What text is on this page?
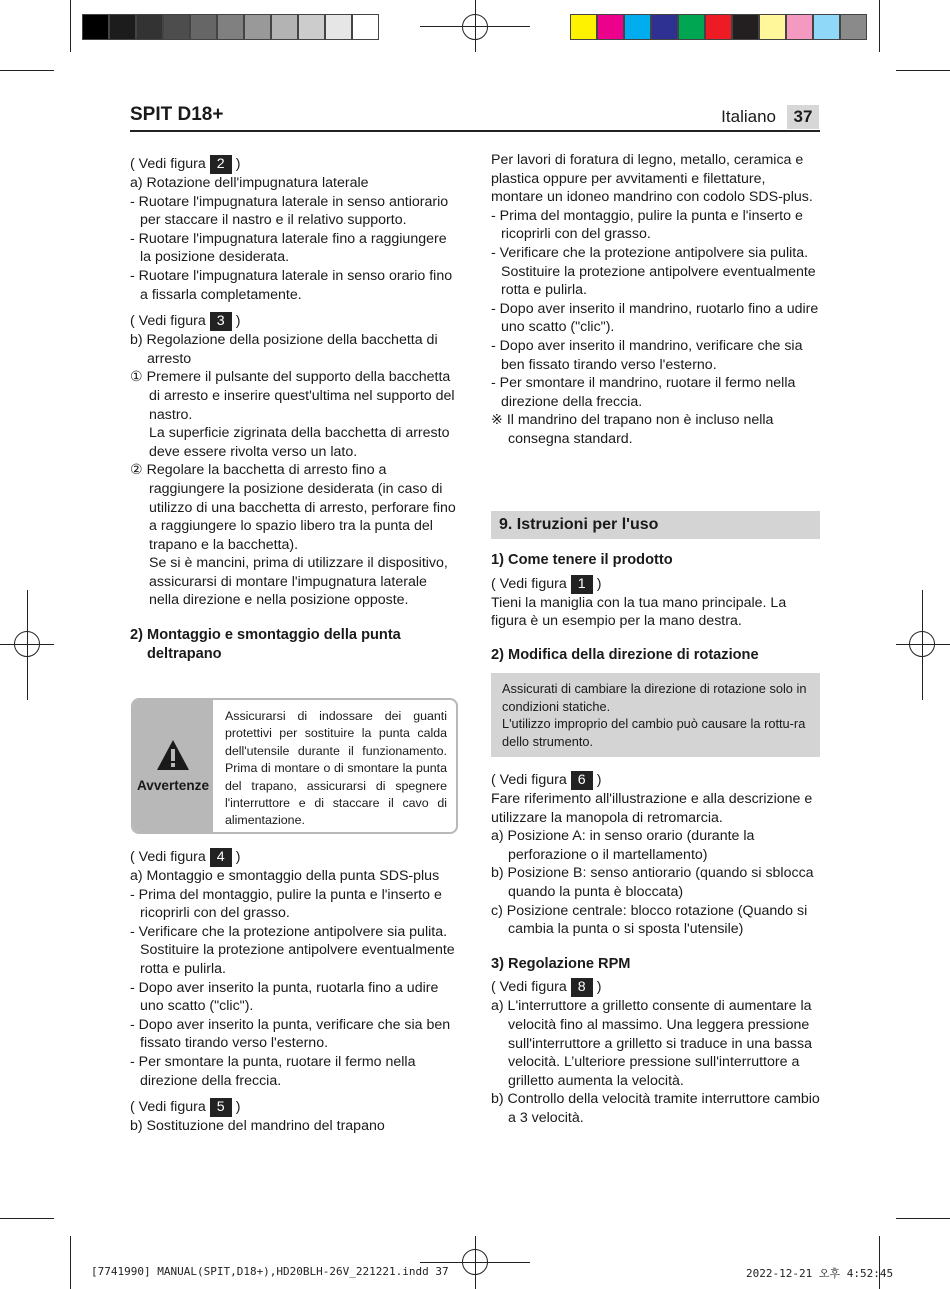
SPIT D18+	Italiano	37

( Vedi figura 2 )

a) Rotazione dell'impugnatura laterale

- Ruotare l'impugnatura laterale in senso antiorario per staccare il nastro e il relativo supporto.

- Ruotare l'impugnatura laterale fino a raggiungere la posizione desiderata.

- Ruotare l'impugnatura laterale in senso orario fino a fissarla completamente.

( Vedi figura 3 )

b) Regolazione della posizione della bacchetta di arresto

① Premere il pulsante del supporto della bacchetta di arresto e inserire quest'ultima nel supporto del nastro.

La superficie zigrinata della bacchetta di arresto deve essere rivolta verso un lato.

② Regolare la bacchetta di arresto fino a raggiungere la posizione desiderata (in caso di utilizzo di una bacchetta di arresto, perforare fino a raggiungere lo spazio libero tra la punta del trapano e la bacchetta).

Se si è mancini, prima di utilizzare il dispositivo, assicurarsi di montare l'impugnatura laterale nella direzione e nella posizione opposte.

2) Montaggio e smontaggio della punta deltrapano

Avvertenze
Assicurarsi di indossare dei guanti protettivi per sostituire la punta calda dell'utensile durante il funzionamento. Prima di montare o di smontare la punta del trapano, assicurarsi di spegnere l'interruttore e di staccare il cavo di alimentazione.

( Vedi figura 4 )

a) Montaggio e smontaggio della punta SDS-plus

- Prima del montaggio, pulire la punta e l'inserto e ricoprirli con del grasso.

- Verificare che la protezione antipolvere sia pulita. Sostituire la protezione antipolvere eventualmente rotta e pulirla.

- Dopo aver inserito la punta, ruotarla fino a udire uno scatto ("clic").

- Dopo aver inserito la punta, verificare che sia ben fissato tirando verso l'esterno.

- Per smontare la punta, ruotare il fermo nella direzione della freccia.

( Vedi figura 5 )

b) Sostituzione del mandrino del trapano

Per lavori di foratura di legno, metallo, ceramica e plastica oppure per avvitamenti e filettature, montare un idoneo mandrino con codolo SDS-plus.

- Prima del montaggio, pulire la punta e l'inserto e ricoprirli con del grasso.

- Verificare che la protezione antipolvere sia pulita. Sostituire la protezione antipolvere eventualmente rotta e pulirla.

- Dopo aver inserito il mandrino, ruotarlo fino a udire uno scatto ("clic").

- Dopo aver inserito il mandrino, verificare che sia ben fissato tirando verso l'esterno.

- Per smontare il mandrino, ruotare il fermo nella direzione della freccia.

※ Il mandrino del trapano non è incluso nella consegna standard.

9. Istruzioni per l'uso

1) Come tenere il prodotto

( Vedi figura 1 )

Tieni la maniglia con la tua mano principale. La figura è un esempio per la mano destra.

2) Modifica della direzione di rotazione

Assicurati di cambiare la direzione di rotazione solo in condizioni statiche.

L'utilizzo improprio del cambio può causare la rottu-ra dello strumento.

( Vedi figura 6 )

Fare riferimento all'illustrazione e alla descrizione e utilizzare la manopola di retromarcia.

a) Posizione A: in senso orario (durante la perforazione o il martellamento)

b) Posizione B: senso antiorario (quando si sblocca quando la punta è bloccata)

c) Posizione centrale: blocco rotazione (Quando si cambia la punta o si sposta l'utensile)

3) Regolazione RPM

( Vedi figura 8 )

a) L'interruttore a grilletto consente di aumentare la velocità fino al massimo. Una leggera pressione sull'interruttore a grilletto si traduce in una bassa velocità. L’ulteriore pressione sull'interruttore a grilletto aumenta la velocità.

b) Controllo della velocità tramite interruttore cambio a 3 velocità.

[7741990] MANUAL(SPIT,D18+),HD20BLH-26V_221221.indd 37	2022-12-21 오후 4:52:45
